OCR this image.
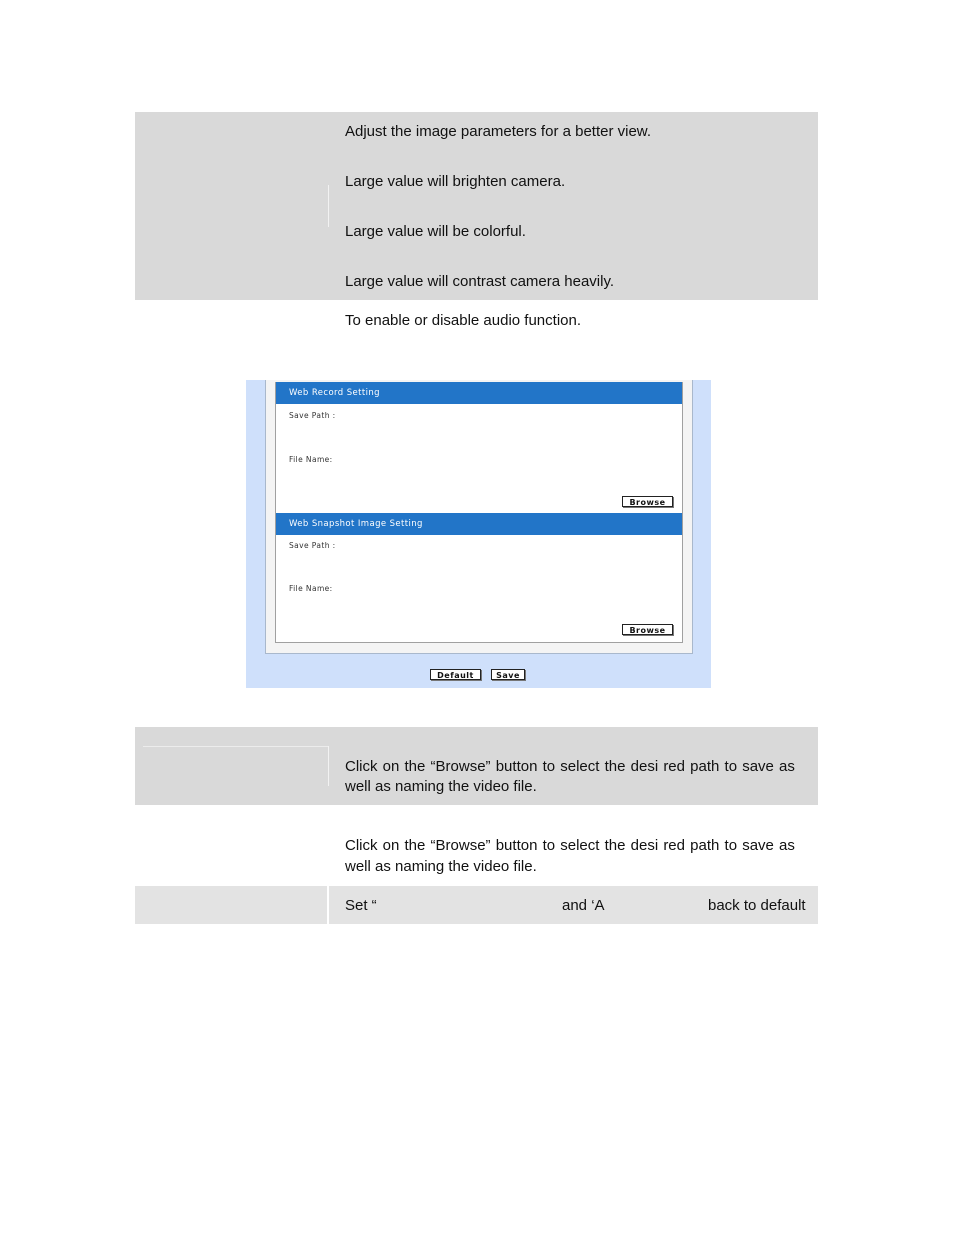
Adjust the image parameters for a better view.
Large value will brighten camera.
Large value will be colorful.
Large value will contrast camera heavily.
To enable or disable audio function.
Web Record Setting
Save Path :
File Name:
Browse
Web Snapshot Image Setting
Save Path :
File Name:
Browse
Default	Save
Click on the “Browse” button to select the desi red path to save as
well as naming the video file.
Click on the “Browse” button to select the desi red path to save as
well as naming the video file.
Set “	and ‘A	back to default
